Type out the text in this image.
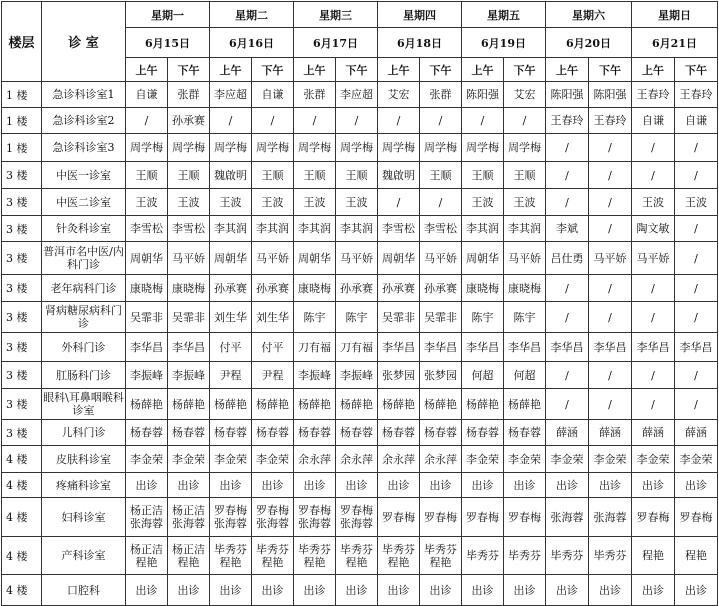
楼层	诊 室	星期一		星期二		星期三		星期四		星期五		星期六		星期日	
		6月15日		6月16日		6月17日		6月18日		6月19日		6月20日		6月21日	
		上午	下午	上午	下午	上午	下午	上午	下午	上午	下午	上午	下午	上午	下午
1 楼	急诊科诊室1	自谦	张群	李应超	自谦	张群	李应超	艾宏	张群	陈阳强	艾宏	陈阳强	陈阳强	王春玲	王春玲
1 楼	急诊科诊室2	/	孙承赛	/	/	/	/	/	/	/	/	王春玲	王春玲	自谦	自谦
1 楼	急诊科诊室3	周学梅	周学梅	周学梅	周学梅	周学梅	周学梅	周学梅	周学梅	周学梅	周学梅	/	/	/	/
3 楼	中医一诊室	王顺	王顺	魏啟明	王顺	王顺	王顺	魏啟明	王顺	王顺	王顺	/	/	/	/
3 楼	中医二诊室	王波	王波	王波	王波	王波	王波	/	/	王波	王波	/	/	王波	王波
3 楼	针灸科诊室	李雪松	李雪松	李其润	李其润	李其润	李其润	李雪松	李雪松	李其润	李其润	李斌	/	陶文敏	/
3 楼	普洱市名中医/内科门诊	周朝华	马平娇	周朝华	马平娇	周朝华	马平娇	周朝华	马平娇	周朝华	马平娇	吕仕勇	马平娇	马平娇	/
3 楼	老年病科门诊	康晓梅	康晓梅	孙承赛	孙承赛	康晓梅	孙承赛	孙承赛	孙承赛	康晓梅	康晓梅	/	/	/	/
3 楼	肾病糖尿病科门诊	吴霏非	吴霏非	刘生华	刘生华	陈宇	陈宇	吴霏非	吴霏非	陈宇	陈宇	/	/	/	/
3 楼	外科门诊	李华昌	李华昌	付平	付平	刀有福	刀有福	李华昌	李华昌	李华昌	李华昌	李华昌	李华昌	李华昌	李华昌
3 楼	肛肠科门诊	李振峰	李振峰	尹程	尹程	李振峰	李振峰	张梦园	张梦园	何超	何超	/	/	/	/
3 楼	眼科\耳鼻咽喉科诊室	杨薛艳	杨薛艳	杨薛艳	杨薛艳	杨薛艳	杨薛艳	杨薛艳	杨薛艳	杨薛艳	杨薛艳	/	/	/	/
3 楼	儿科门诊	杨春蓉	杨春蓉	杨春蓉	杨春蓉	杨春蓉	杨春蓉	杨春蓉	杨春蓉	杨春蓉	杨春蓉	薛涵	薛涵	薛涵	薛涵
4 楼	皮肤科诊室	李金荣	李金荣	李金荣	李金荣	余永萍	余永萍	余永萍	余永萍	李金荣	李金荣	李金荣	李金荣	李金荣	李金荣
4 楼	疼痛科诊室	出诊	出诊	出诊	出诊	出诊	出诊	出诊	出诊	出诊	出诊	出诊	出诊	出诊	出诊
4 楼	妇科诊室	杨正洁 张海蓉	杨正洁 张海蓉	罗春梅 张海蓉	罗春梅 张海蓉	罗春梅 张海蓉	罗春梅 张海蓉	罗春梅	罗春梅	罗春梅	罗春梅	张海蓉	张海蓉	罗春梅	罗春梅
4 楼	产科诊室	杨正洁 程艳	杨正洁 程艳	毕秀芬 程艳	毕秀芬 程艳	毕秀芬 程艳	毕秀芬 程艳	毕秀芬 程艳	毕秀芬 程艳	毕秀芬	毕秀芬	毕秀芬	毕秀芬	程艳	程艳
4 楼	口腔科	出诊	出诊	出诊	出诊	出诊	出诊	出诊	出诊	出诊	出诊	出诊	出诊	出诊	出诊
